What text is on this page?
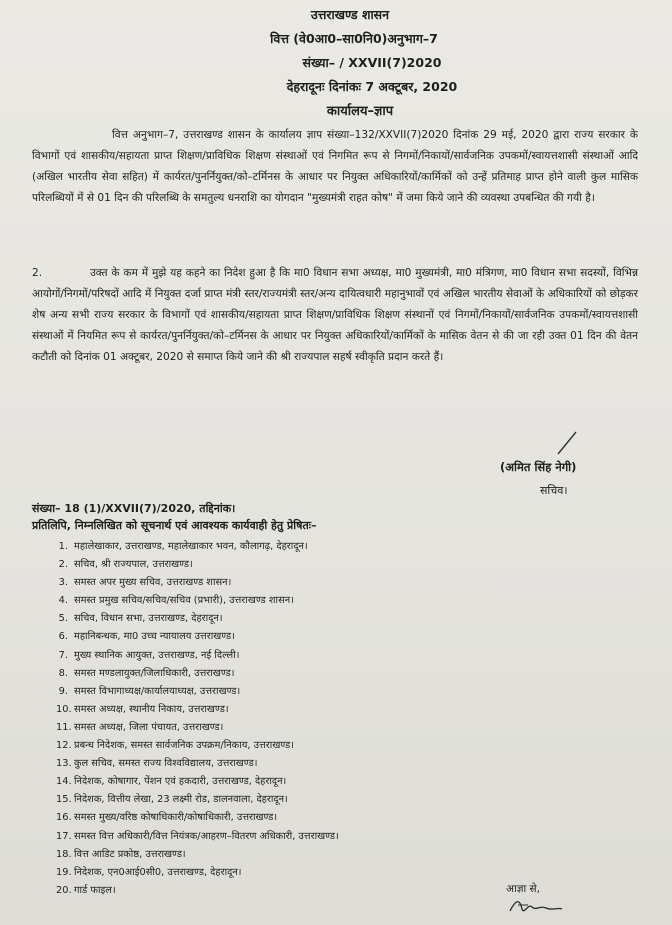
उत्तराखण्ड शासन
वित्त (वे0आ0–सा0नि0)अनुभाग–7
संख्या– / XXVII(7)2020
देहरादूनः दिनांकः 7 अक्टूबर, 2020
कार्यालय–ज्ञाप
वित्त अनुभाग–7, उत्तराखण्ड शासन के कार्यालय ज्ञाप संख्या–132/XXVII(7)2020 दिनांक 29 मई, 2020 द्वारा राज्य सरकार के विभागों एवं शासकीय/सहायता प्राप्त शिक्षण/प्राविधिक शिक्षण संस्थाओं एवं निगमित रूप से निगमों/निकायों/सार्वजनिक उपकमों/स्वायत्तशासी संस्थाओं आदि (अखिल भारतीय सेवा सहित) में कार्यरत/पुनर्नियुक्त/को–टर्मिनस के आधार पर नियुक्त अधिकारियों/कार्मिकों को उन्हें प्रतिमाह प्राप्त होने वाली कुल मासिक परिलब्धियों में से 01 दिन की परिलब्धि के समतुल्य धनराशि का योगदान "मुख्यमंत्री राहत कोष" में जमा किये जाने की व्यवस्था उपबन्धित की गयी है।
2.	उक्त के कम में मुझे यह कहने का निदेश हुआ है कि मा0 विधान सभा अध्यक्ष, मा0 मुख्यमंत्री, मा0 मंत्रिगण, मा0 विधान सभा सदस्यों, विभिन्न आयोगों/निगमों/परिषदों आदि में नियुक्त दर्जा प्राप्त मंत्री स्तर/राज्यमंत्री स्तर/अन्य दायित्वधारी महानुभावों एवं अखिल भारतीय सेवाओं के अधिकारियों को छोड़कर शेष अन्य सभी राज्य सरकार के विभागों एवं शासकीय/सहायता प्राप्त शिक्षण/प्राविधिक शिक्षण संस्थानों एवं निगमों/निकायों/सार्वजनिक उपकमों/स्वायत्तशासी संस्थाओं में नियमित रूप से कार्यरत/पुनर्नियुक्त/को–टर्मिनस के आधार पर नियुक्त अधिकारियों/कार्मिकों के मासिक वेतन से की जा रही उक्त 01 दिन की वेतन कटौती को दिनांक 01 अक्टूबर, 2020 से समाप्त किये जाने की श्री राज्यपाल सहर्ष स्वीकृति प्रदान करते हैं।
(अमित सिंह नेगी)
सचिव।
संख्या– 18 (1)/XXVII(7)/2020, तद्दिनांक।
प्रतिलिपि, निम्नलिखित को सूचनार्थ एवं आवश्यक कार्यवाही हेतु प्रेषितः–
1. महालेखाकार, उत्तराखण्ड, महालेखाकार भवन, कौलागढ़, देहरादून।
2. सचिव, श्री राज्यपाल, उत्तराखण्ड।
3. समस्त अपर मुख्य सचिव, उत्तराखण्ड शासन।
4. समस्त प्रमुख सचिव/सचिव/सचिव (प्रभारी), उत्तराखण्ड शासन।
5. सचिव, विधान सभा, उत्तराखण्ड, देहरादून।
6. महानिबन्धक, मा0 उच्च न्यायालय उत्तराखण्ड।
7. मुख्य स्थानिक आयुक्त, उत्तराखण्ड, नई दिल्ली।
8. समस्त मण्डलायुक्त/जिलाधिकारी, उत्तराखण्ड।
9. समस्त विभागाध्यक्ष/कार्यालयाध्यक्ष, उत्तराखण्ड।
10. समस्त अध्यक्ष, स्थानीय निकाय, उत्तराखण्ड।
11. समस्त अध्यक्ष, जिला पंचायत, उत्तराखण्ड।
12. प्रबन्ध निदेशक, समस्त सार्वजनिक उपक्रम/निकाय, उत्तराखण्ड।
13. कुल सचिव, समस्त राज्य विश्वविद्यालय, उत्तराखण्ड।
14. निदेशक, कोषागार, पेंशन एवं हकदारी, उत्तराखण्ड, देहरादून।
15. निदेशक, वित्तीय लेखा, 23 लक्ष्मी रोड, डालनवाला, देहरादून।
16. समस्त मुख्य/वरिष्ठ कोषाधिकारी/कोषाधिकारी, उत्तराखण्ड।
17. समस्त वित्त अधिकारी/वित्त नियंत्रक/आहरण–वितरण अधिकारी, उत्तराखण्ड।
18. वित्त आडिट प्रकोष्ठ, उत्तराखण्ड।
19. निदेशक, एन0आई0सी0, उत्तराखण्ड, देहरादून।
20. गार्ड फाइल।	आज्ञा से,
